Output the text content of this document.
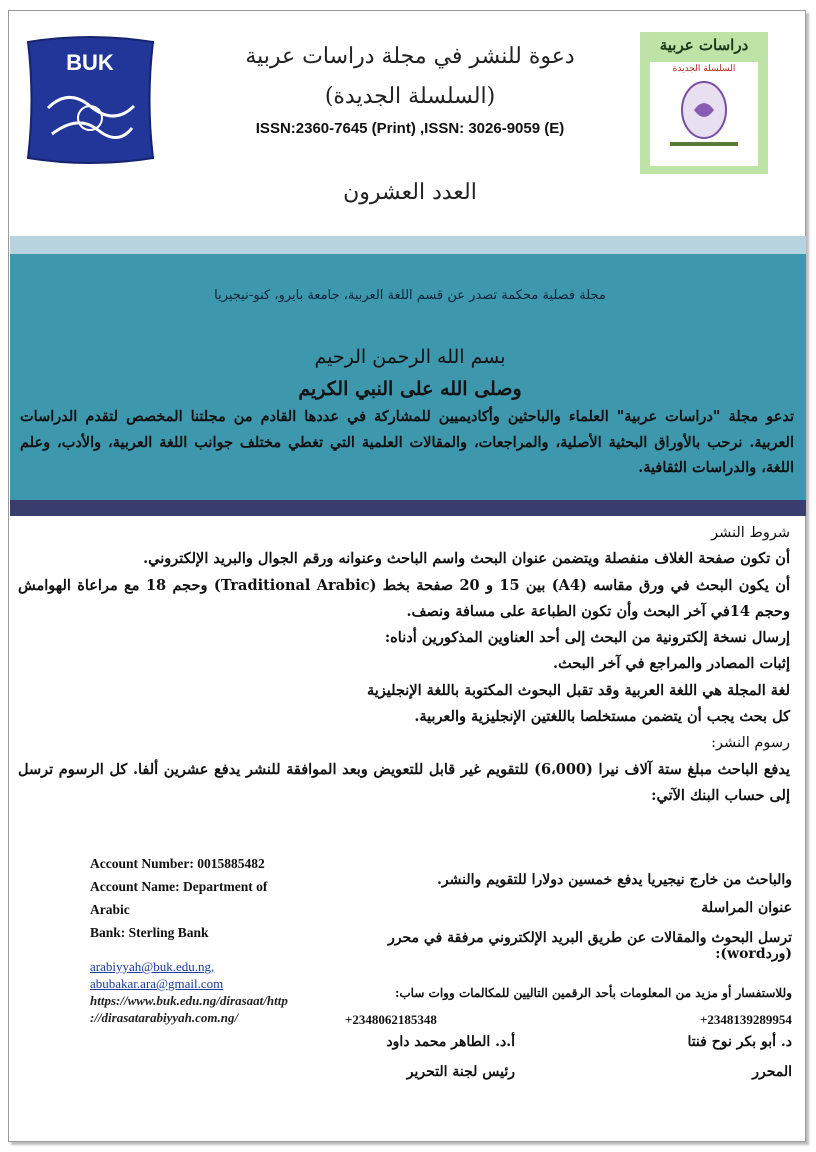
BUK
دراسات عربية
السلسلة الجديدة
دعوة للنشر في مجلة دراسات عربية
(السلسلة الجديدة)
ISSN:2360-7645 (Print) ,ISSN: 3026-9059 (E)
العدد العشرون
مجلة فصلية محكمة تصدر عن قسم اللغة العربية، جامعة بايرو، كنو-نيجيريا
بسم الله الرحمن الرحيم
وصلى الله على النبي الكريم
تدعو مجلة "دراسات عربية" العلماء والباحثين وأكاديميين للمشاركة في عددها القادم من مجلتنا المخصص لتقدم الدراسات العربية. نرحب بالأوراق البحثية الأصلية، والمراجعات، والمقالات العلمية التي تغطي مختلف جوانب اللغة العربية، والأدب، وعلم اللغة، والدراسات الثقافية.
شروط النشر
أن تكون صفحة الغلاف منفصلة ويتضمن عنوان البحث واسم الباحث وعنوانه ورقم الجوال والبريد الإلكتروني.
أن يكون البحث في ورق مقاسه (A4) بين 15 و 20 صفحة بخط (Traditional Arabic) وحجم 18 مع مراعاة الهوامش وحجم 14في آخر البحث وأن تكون الطباعة على مسافة ونصف.
إرسال نسخة إلكترونية من البحث إلى أحد العناوين المذكورين أدناه:
إثبات المصادر والمراجع في آخر البحث.
لغة المجلة هي اللغة العربية وقد تقبل البحوث المكتوبة باللغة الإنجليزية
كل بحث يجب أن يتضمن مستخلصا باللغتين الإنجليزية والعربية.
رسوم النشر:
يدفع الباحث مبلغ ستة آلاف نيرا (6،000) للتقويم غير قابل للتعويض وبعد الموافقة للنشر يدفع عشرين ألفا. كل الرسوم ترسل إلى حساب البنك الآتي:
Account Number: 0015885482
Account Name: Department of
Arabic
Bank: Sterling Bank
arabiyyah@buk.edu.ng,
abubakar.ara@gmail.com
https://www.buk.edu.ng/dirasaat/http
://dirasatarabiyyah.com.ng/
والباحث من خارج نيجيريا يدفع خمسين دولارا للتقويم والنشر.
عنوان المراسلة
ترسل البحوث والمقالات عن طريق البريد الإلكتروني مرفقة في محرر (وردword):
وللاستفسار أو مزيد من المعلومات بأحد الرقمين التاليين للمكالمات ووات ساب:
+2348139289954
+2348062185348
د. أبو بكر نوح فنتا
المحرر
أ.د. الطاهر محمد داود
رئيس لجنة التحرير
